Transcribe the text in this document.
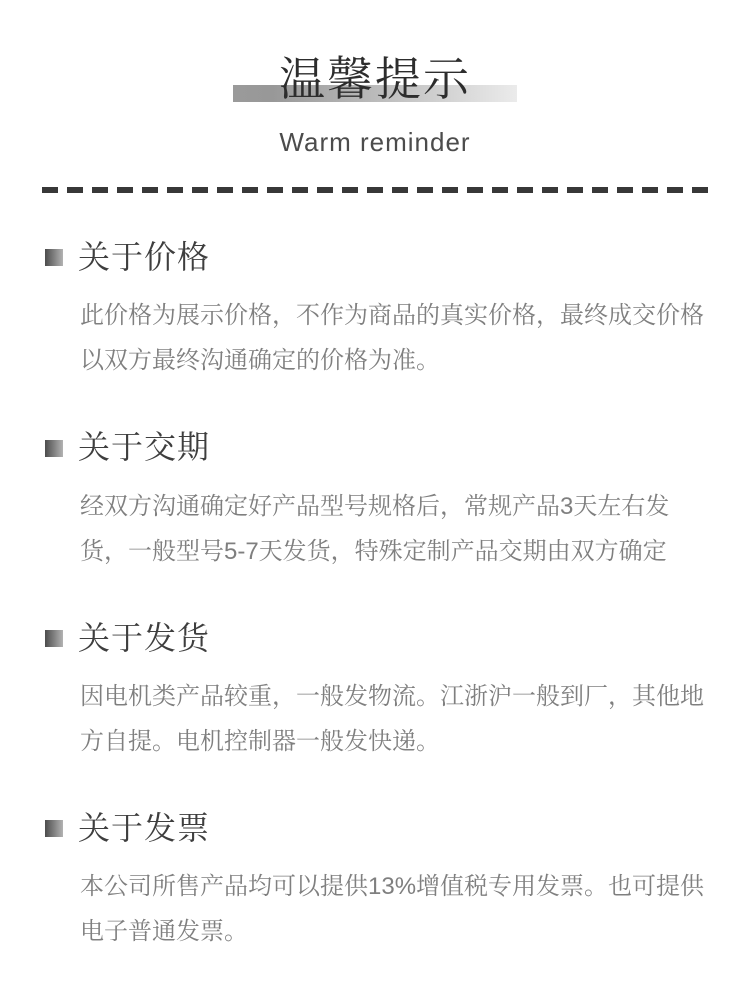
温馨提示
Warm reminder
关于价格
此价格为展示价格，不作为商品的真实价格，最终成交价格以双方最终沟通确定的价格为准。
关于交期
经双方沟通确定好产品型号规格后，常规产品3天左右发货，一般型号5-7天发货，特殊定制产品交期由双方确定
关于发货
因电机类产品较重，一般发物流。江浙沪一般到厂，其他地方自提。电机控制器一般发快递。
关于发票
本公司所售产品均可以提供13%增值税专用发票。也可提供电子普通发票。
